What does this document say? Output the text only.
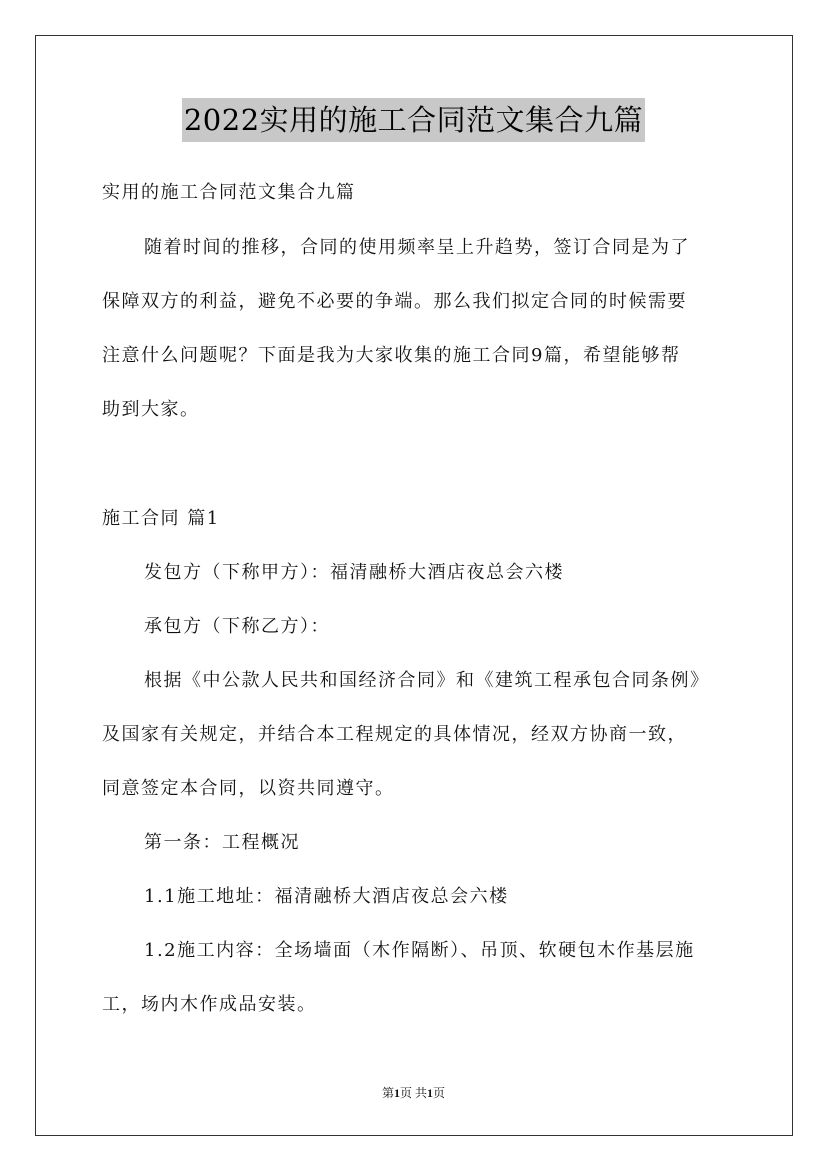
2022实用的施工合同范文集合九篇
实用的施工合同范文集合九篇
随着时间的推移，合同的使用频率呈上升趋势，签订合同是为了
保障双方的利益，避免不必要的争端。那么我们拟定合同的时候需要
注意什么问题呢？下面是我为大家收集的施工合同9篇，希望能够帮
助到大家。
施工合同 篇1
发包方（下称甲方）：福清融桥大酒店夜总会六楼
承包方（下称乙方）：
根据《中公款人民共和国经济合同》和《建筑工程承包合同条例》
及国家有关规定，并结合本工程规定的具体情况，经双方协商一致，
同意签定本合同，以资共同遵守。
第一条：工程概况
1.1施工地址：福清融桥大酒店夜总会六楼
1.2施工内容：全场墙面（木作隔断）、吊顶、软硬包木作基层施
工，场内木作成品安装。
第1页 共1页
